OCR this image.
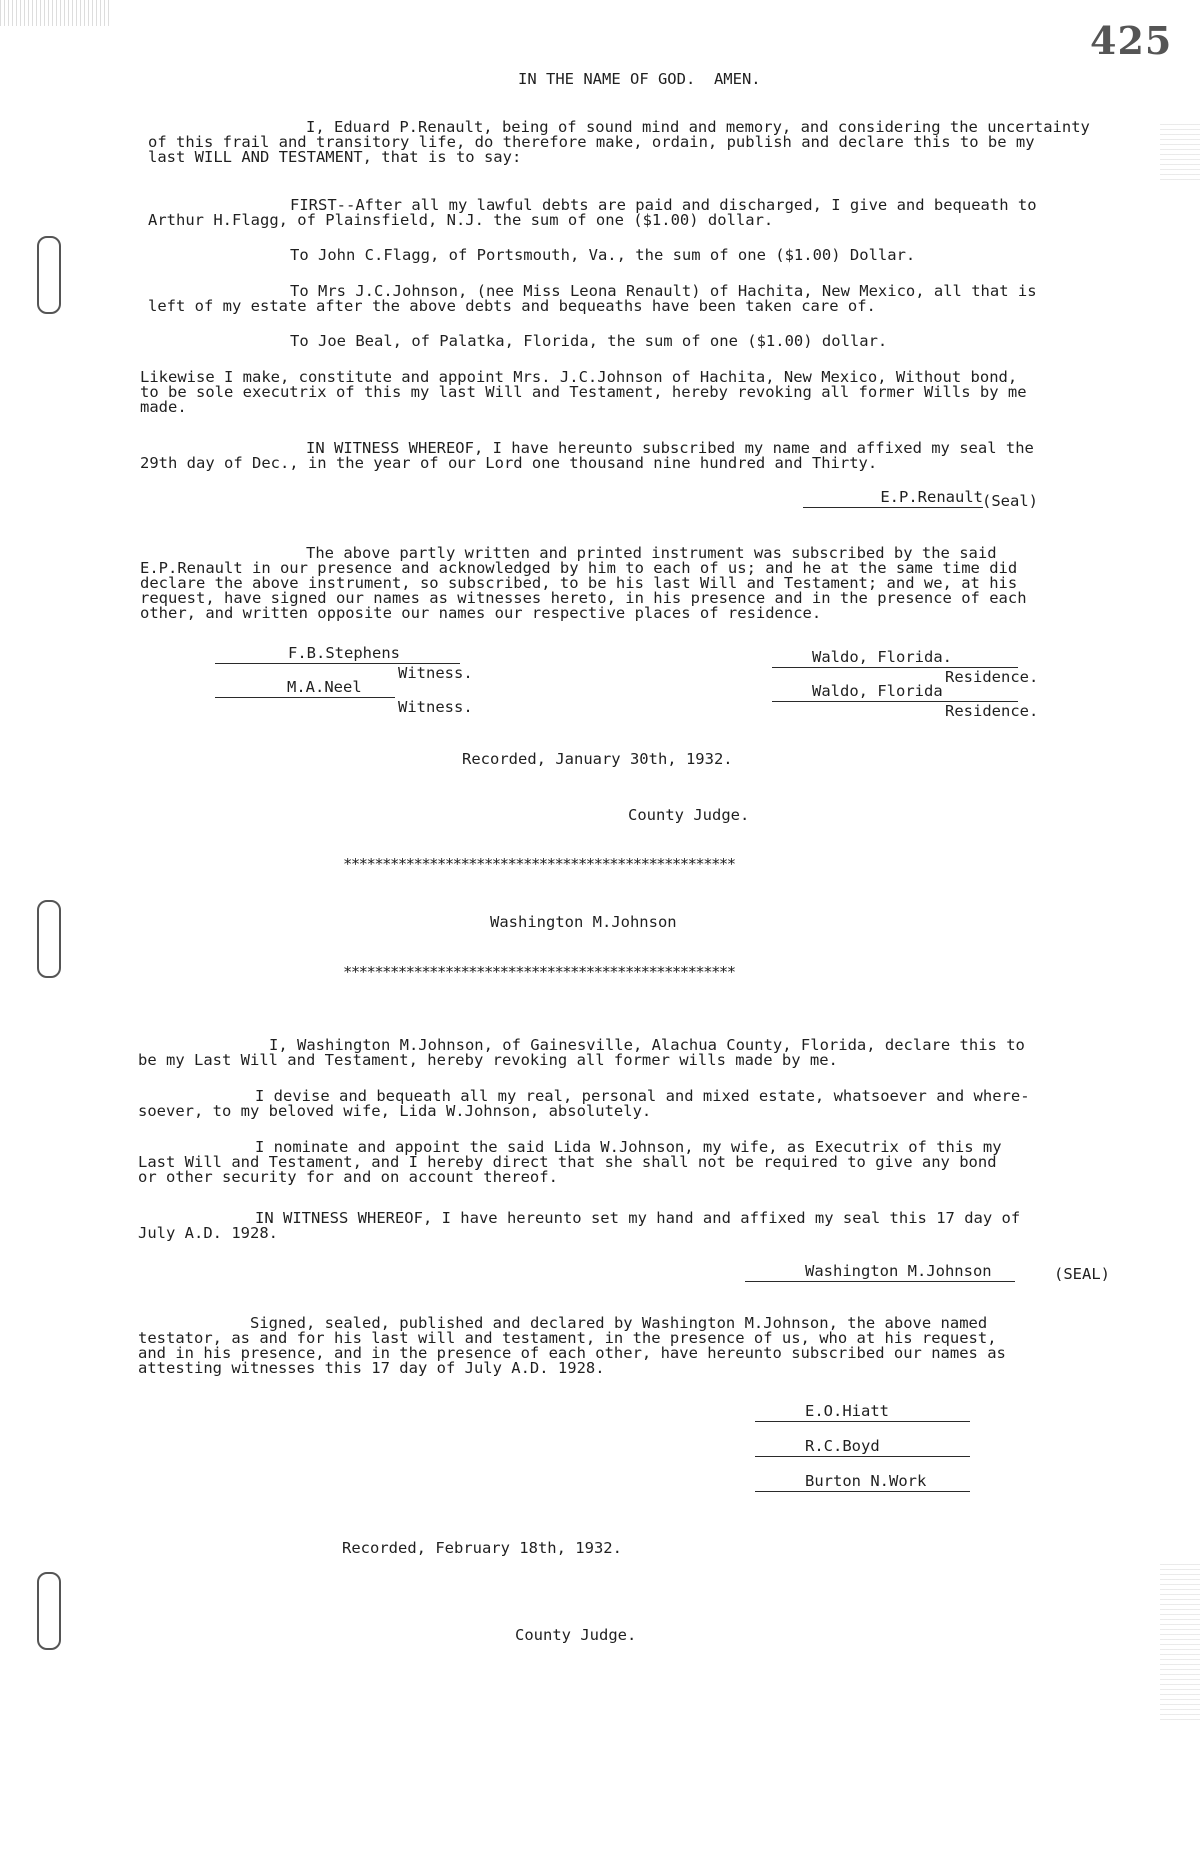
425
IN THE NAME OF GOD.  AMEN.
I, Eduard P.Renault, being of sound mind and memory, and considering the uncertainty
of this frail and transitory life, do therefore make, ordain, publish and declare this to be my
last WILL AND TESTAMENT, that is to say:
FIRST--After all my lawful debts are paid and discharged, I give and bequeath to
Arthur H.Flagg, of Plainsfield, N.J. the sum of one ($1.00) dollar.
To John C.Flagg, of Portsmouth, Va., the sum of one ($1.00) Dollar.
To Mrs J.C.Johnson, (nee Miss Leona Renault) of Hachita, New Mexico, all that is
left of my estate after the above debts and bequeaths have been taken care of.
To Joe Beal, of Palatka, Florida, the sum of one ($1.00) dollar.
Likewise I make, constitute and appoint Mrs. J.C.Johnson of Hachita, New Mexico, Without bond,
to be sole executrix of this my last Will and Testament, hereby revoking all former Wills by me
made.
IN WITNESS WHEREOF, I have hereunto subscribed my name and affixed my seal the
29th day of Dec., in the year of our Lord one thousand nine hundred and Thirty.
E.P.Renault (Seal)
The above partly written and printed instrument was subscribed by the said
E.P.Renault in our presence and acknowledged by him to each of us; and he at the same time did
declare the above instrument, so subscribed, to be his last Will and Testament; and we, at his
request, have signed our names as witnesses hereto, in his presence and in the presence of each
other, and written opposite our names our respective places of residence.
F.B.Stephens
Witness.
M.A.Neel
Witness.
Waldo, Florida.
Residence.
Waldo, Florida
Residence.
Recorded, January 30th, 1932.
County Judge.
**************************************************
Washington M.Johnson
**************************************************
I, Washington M.Johnson, of Gainesville, Alachua County, Florida, declare this to
be my Last Will and Testament, hereby revoking all former wills made by me.
I devise and bequeath all my real, personal and mixed estate, whatsoever and where-
soever, to my beloved wife, Lida W.Johnson, absolutely.
I nominate and appoint the said Lida W.Johnson, my wife, as Executrix of this my
Last Will and Testament, and I hereby direct that she shall not be required to give any bond
or other security for and on account thereof.
IN WITNESS WHEREOF, I have hereunto set my hand and affixed my seal this 17 day of
July A.D. 1928.
Washington M.Johnson	(SEAL)
Signed, sealed, published and declared by Washington M.Johnson, the above named
testator, as and for his last will and testament, in the presence of us, who at his request,
and in his presence, and in the presence of each other, have hereunto subscribed our names as
attesting witnesses this 17 day of July A.D. 1928.
E.O.Hiatt
R.C.Boyd
Burton N.Work
Recorded, February 18th, 1932.
County Judge.
